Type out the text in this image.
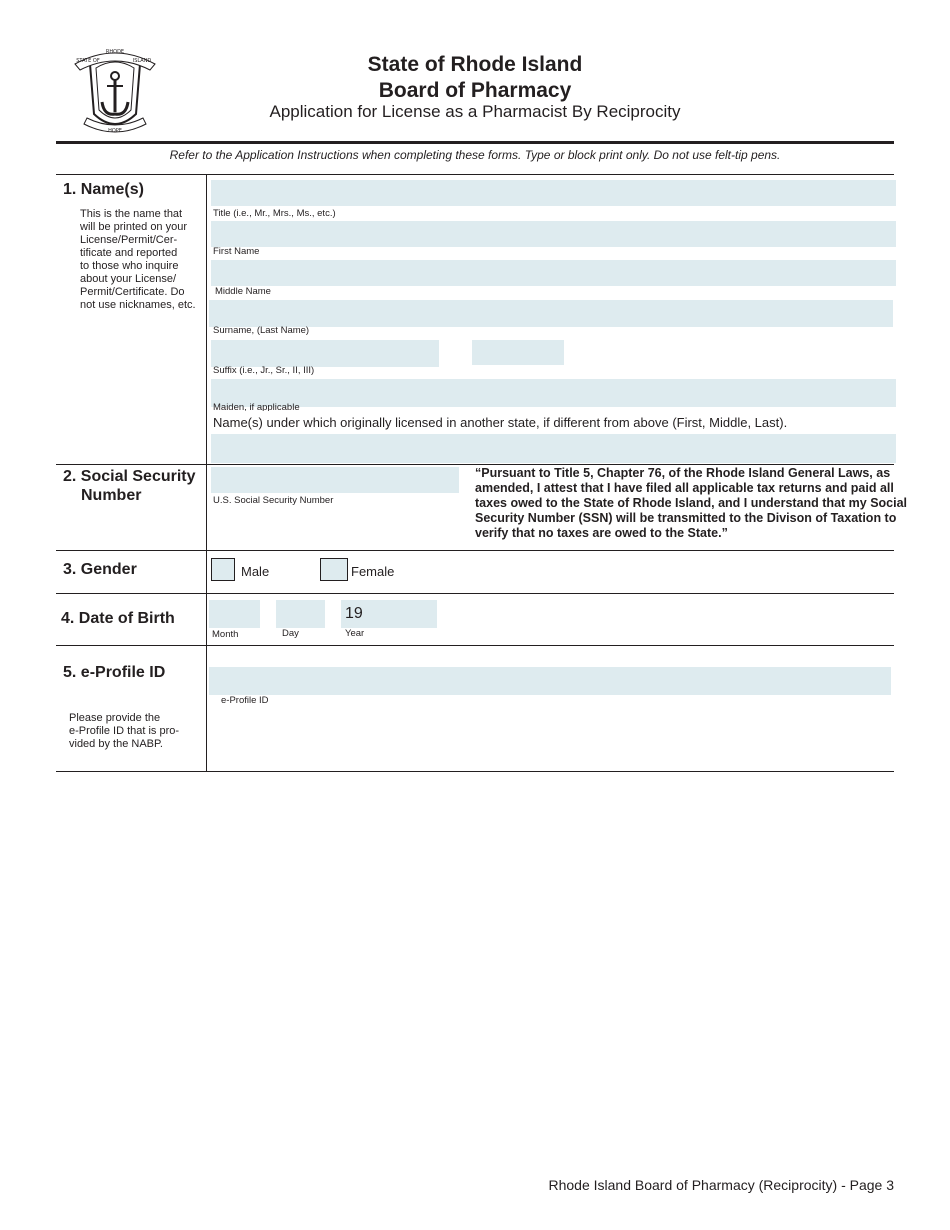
RHODE
ISLAND
STATE OF
HOPE
State of Rhode Island
Board of Pharmacy
Application for License as a Pharmacist By Reciprocity
Refer to the Application Instructions when completing these forms. Type or block print only. Do not use felt-tip pens.
1. Name(s)
This is the name that
will be printed on your
License/Permit/Cer-
tificate and reported
to those who inquire
about your License/
Permit/Certificate. Do
not use nicknames, etc.
Title (i.e., Mr., Mrs., Ms., etc.)
First Name
Middle Name
Surname, (Last Name)
Suffix (i.e., Jr., Sr., II, III)
Maiden, if applicable
Name(s) under which originally licensed in another state, if different from above (First, Middle, Last).
2. Social Security
Number	U.S. Social Security Number
“Pursuant to Title 5, Chapter 76, of the Rhode Island General Laws, as amended, I attest that I have filed all applicable tax returns and paid all taxes owed to the State of Rhode Island, and I understand that my Social Security Number (SSN) will be transmitted to the Divison of Taxation to verify that no taxes are owed to the State.”
3. Gender	Male	Female
4. Date of Birth	19
Month	Day	Year
5. e-Profile ID
Please provide the
e-Profile ID that is pro-
vided by the NABP.
e-Profile ID
Rhode Island Board of Pharmacy (Reciprocity) - Page 3
